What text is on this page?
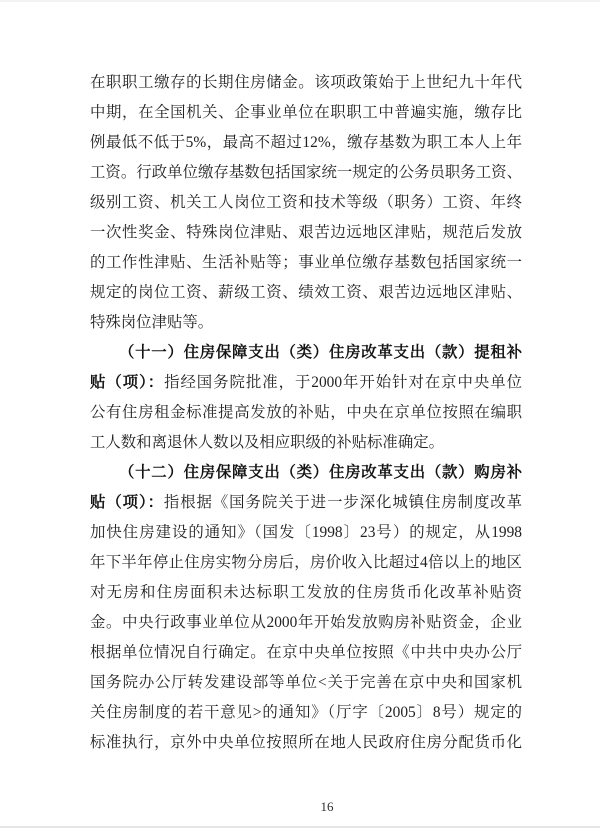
在职职工缴存的长期住房储金。该项政策始于上世纪九十年代
中期，在全国机关、企事业单位在职职工中普遍实施，缴存比
例最低不低于5%，最高不超过12%，缴存基数为职工本人上年
工资。行政单位缴存基数包括国家统一规定的公务员职务工资、
级别工资、机关工人岗位工资和技术等级（职务）工资、年终
一次性奖金、特殊岗位津贴、艰苦边远地区津贴，规范后发放
的工作性津贴、生活补贴等；事业单位缴存基数包括国家统一
规定的岗位工资、薪级工资、绩效工资、艰苦边远地区津贴、
特殊岗位津贴等。
（十一）住房保障支出（类）住房改革支出（款）提租补
贴（项）：指经国务院批准，于2000年开始针对在京中央单位
公有住房租金标准提高发放的补贴，中央在京单位按照在编职
工人数和离退休人数以及相应职级的补贴标准确定。
（十二）住房保障支出（类）住房改革支出（款）购房补
贴（项）：指根据《国务院关于进一步深化城镇住房制度改革
加快住房建设的通知》（国发〔1998〕23号）的规定，从1998
年下半年停止住房实物分房后，房价收入比超过4倍以上的地区
对无房和住房面积未达标职工发放的住房货币化改革补贴资
金。中央行政事业单位从2000年开始发放购房补贴资金，企业
根据单位情况自行确定。在京中央单位按照《中共中央办公厅
国务院办公厅转发建设部等单位<关于完善在京中央和国家机
关住房制度的若干意见>的通知》（厅字〔2005〕8号）规定的
标准执行，京外中央单位按照所在地人民政府住房分配货币化
16
